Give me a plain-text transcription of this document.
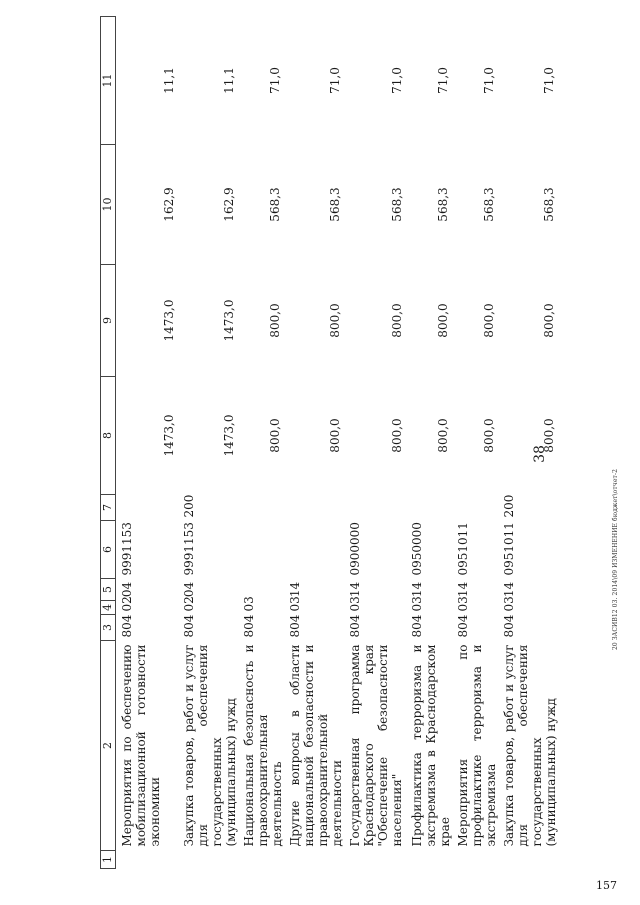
157
20 ЗАСИВ12 03. 2014\09 ИЗМЕНЕНИЕ бюджет\отчет-2
38
1	2	3	4	5	6	7	8	9	10	11
	Мероприятия по обеспечению мобилизационной готовности экономики	804	02	04	9991153		1473,0	1473,0	162,9	11,1
	Закупка товаров, работ и услуг для обеспечения государственных (муниципальных) нужд	804	02	04	9991153	200	1473,0	1473,0	162,9	11,1
	Национальная безопасность и правоохранительная деятельность	804	03				800,0	800,0	568,3	71,0
	Другие вопросы в области национальной безопасности и правоохранительной деятельности	804	03	14			800,0	800,0	568,3	71,0
	Государственная программа Краснодарского края "Обеспечение безопасности населения"	804	03	14	0900000		800,0	800,0	568,3	71,0
	Профилактика терроризма и экстремизма в Краснодарском крае	804	03	14	0950000		800,0	800,0	568,3	71,0
	Мероприятия по профилактике терроризма и экстремизма	804	03	14	0951011		800,0	800,0	568,3	71,0
	Закупка товаров, работ и услуг для обеспечения государственных (муниципальных) нужд	804	03	14	0951011	200	800,0	800,0	568,3	71,0
